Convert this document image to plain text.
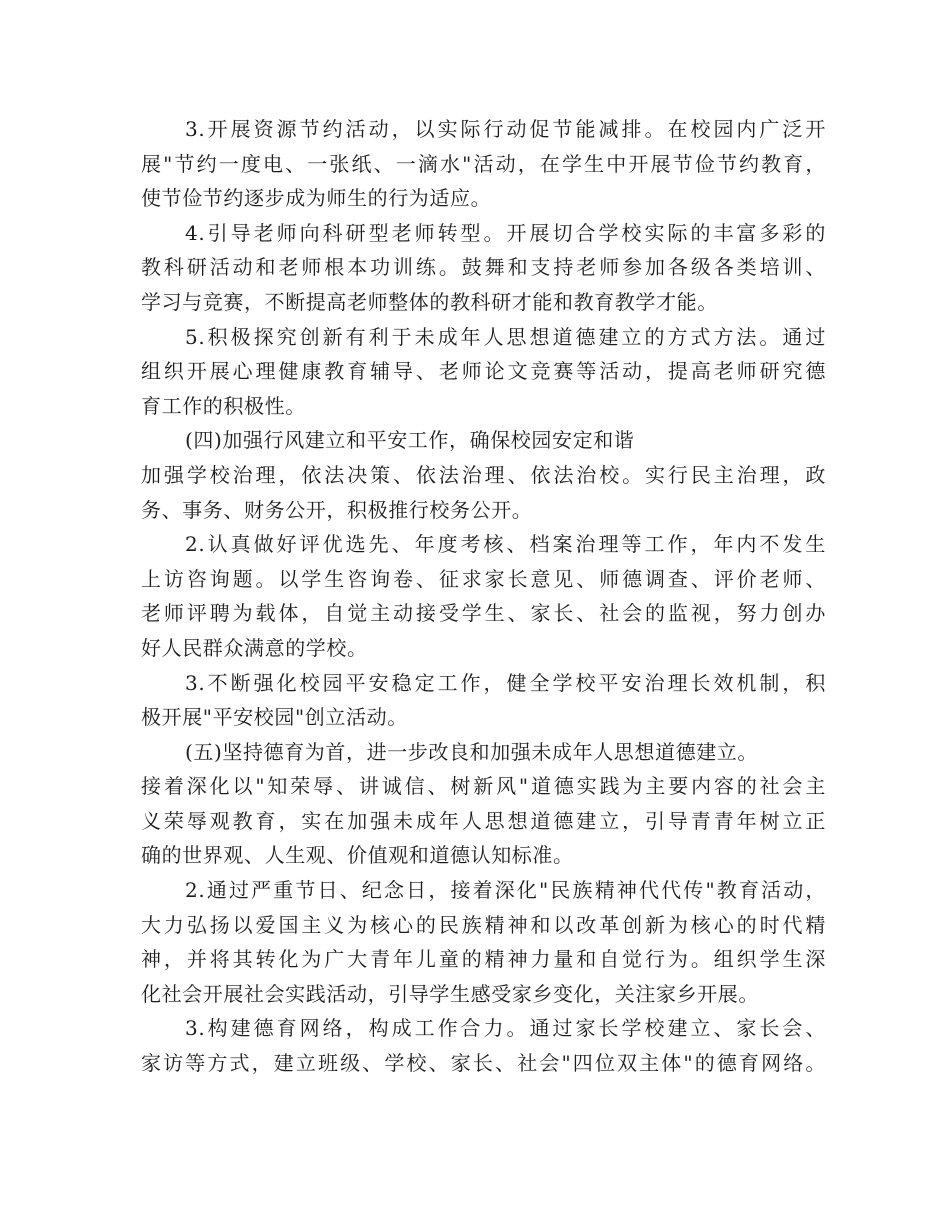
3.开展资源节约活动，以实际行动促节能减排。在校园内广泛开
展"节约一度电、一张纸、一滴水"活动，在学生中开展节俭节约教育，
使节俭节约逐步成为师生的行为适应。
4.引导老师向科研型老师转型。开展切合学校实际的丰富多彩的
教科研活动和老师根本功训练。鼓舞和支持老师参加各级各类培训、
学习与竞赛，不断提高老师整体的教科研才能和教育教学才能。
5.积极探究创新有利于未成年人思想道德建立的方式方法。通过
组织开展心理健康教育辅导、老师论文竞赛等活动，提高老师研究德
育工作的积极性。
(四)加强行风建立和平安工作，确保校园安定和谐
加强学校治理，依法决策、依法治理、依法治校。实行民主治理，政
务、事务、财务公开，积极推行校务公开。
2.认真做好评优选先、年度考核、档案治理等工作，年内不发生
上访咨询题。以学生咨询卷、征求家长意见、师德调查、评价老师、
老师评聘为载体，自觉主动接受学生、家长、社会的监视，努力创办
好人民群众满意的学校。
3.不断强化校园平安稳定工作，健全学校平安治理长效机制，积
极开展"平安校园"创立活动。
(五)坚持德育为首，进一步改良和加强未成年人思想道德建立。
接着深化以"知荣辱、讲诚信、树新风"道德实践为主要内容的社会主
义荣辱观教育，实在加强未成年人思想道德建立，引导青青年树立正
确的世界观、人生观、价值观和道德认知标准。
2.通过严重节日、纪念日，接着深化"民族精神代代传"教育活动，
大力弘扬以爱国主义为核心的民族精神和以改革创新为核心的时代精
神，并将其转化为广大青年儿童的精神力量和自觉行为。组织学生深
化社会开展社会实践活动，引导学生感受家乡变化，关注家乡开展。
3.构建德育网络，构成工作合力。通过家长学校建立、家长会、
家访等方式，建立班级、学校、家长、社会"四位双主体"的德育网络。
